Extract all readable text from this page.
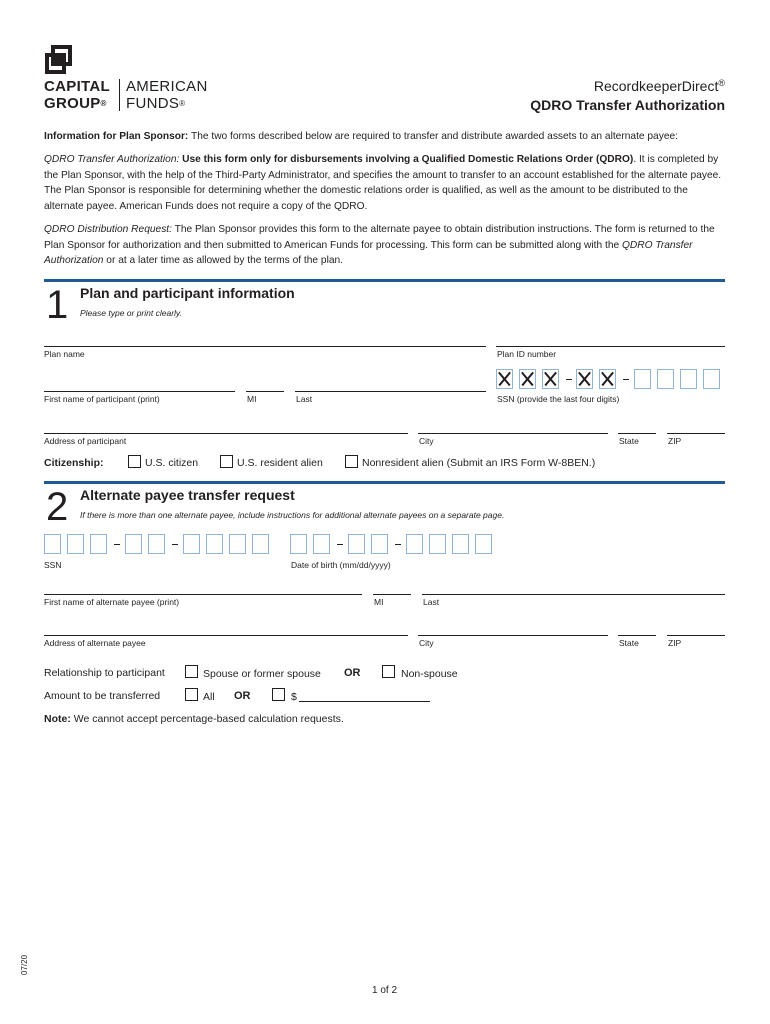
CAPITAL
GROUP®
AMERICAN
FUNDS®
RecordkeeperDirect®
QDRO Transfer Authorization
Information for Plan Sponsor: The two forms described below are required to transfer and distribute awarded assets to an alternate payee:
QDRO Transfer Authorization: Use this form only for disbursements involving a Qualified Domestic Relations Order (QDRO). It is completed by the Plan Sponsor, with the help of the Third-Party Administrator, and specifies the amount to transfer to an account established for the alternate payee. The Plan Sponsor is responsible for determining whether the domestic relations order is qualified, as well as the amount to be distributed to the alternate payee. American Funds does not require a copy of the QDRO.
QDRO Distribution Request: The Plan Sponsor provides this form to the alternate payee to obtain distribution instructions. The form is returned to the Plan Sponsor for authorization and then submitted to American Funds for processing. This form can be submitted along with the QDRO Transfer Authorization or at a later time as allowed by the terms of the plan.
1 Plan and participant information
Please type or print clearly.
Plan name	Plan ID number
First name of participant (print)	MI	Last	SSN (provide the last four digits)
Address of participant	City	State	ZIP
Citizenship:	U.S. citizen	U.S. resident alien	Nonresident alien (Submit an IRS Form W-8BEN.)
2 Alternate payee transfer request
If there is more than one alternate payee, include instructions for additional alternate payees on a separate page.
SSN	Date of birth (mm/dd/yyyy)
First name of alternate payee (print)	MI	Last
Address of alternate payee	City	State	ZIP
Relationship to participant	Spouse or former spouse OR	Non-spouse
Amount to be transferred	All OR	$
Note: We cannot accept percentage-based calculation requests.
07/20
1 of 2
